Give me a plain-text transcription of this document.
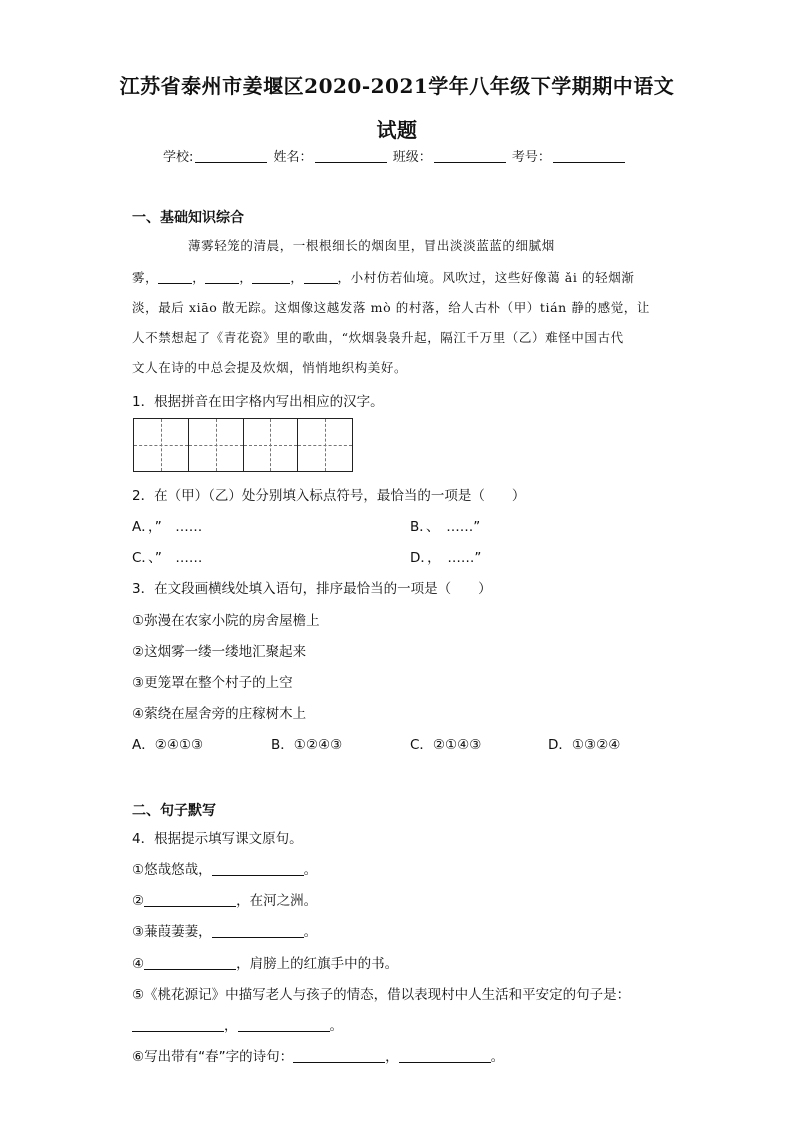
江苏省泰州市姜堰区2020-2021学年八年级下学期期中语文
试题
学校:	姓名：	班级：	考号：
一、基础知识综合
薄雾轻笼的清晨，一根根细长的烟囱里，冒出淡淡蓝蓝的细腻烟
雾，	，	，	，	，小村仿若仙境。风吹过，这些好像蔼 ǎi 的轻烟渐
淡，最后 xiāo 散无踪。这烟像这越发落 mò 的村落，给人古朴（甲）tián 静的感觉，让
人不禁想起了《青花瓷》里的歌曲，“炊烟袅袅升起，隔江千万里（乙）难怪中国古代
文人在诗的中总会提及炊烟，悄悄地织构美好。
1．根据拼音在田字格内写出相应的汉字。
2．在（甲）（乙）处分别填入标点符号，最恰当的一项是（　　）
A．，”　……	B．、　……”
C．、”　……	D．，　……”
3．在文段画横线处填入语句，排序最恰当的一项是（　　）
①弥漫在农家小院的房舍屋檐上
②这烟雾一缕一缕地汇聚起来
③更笼罩在整个村子的上空
④萦绕在屋舍旁的庄稼树木上
A．②④①③	B．①②④③	C．②①④③	D．①③②④
二、句子默写
4．根据提示填写课文原句。
①悠哉悠哉，	。
②	，在河之洲。
③蒹葭萋萋，	。
④	，肩膀上的红旗手中的书。
⑤《桃花源记》中描写老人与孩子的情态，借以表现村中人生活和平安定的句子是：
，	。
⑥写出带有“春”字的诗句：	，	。
